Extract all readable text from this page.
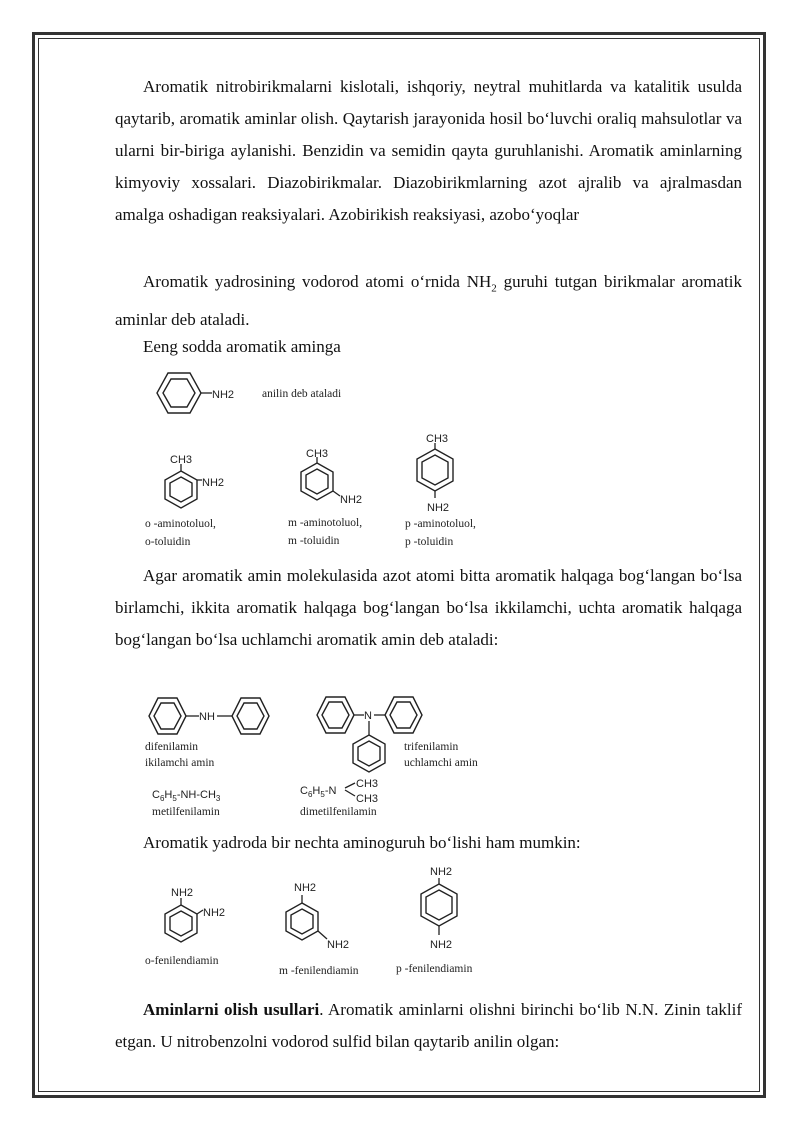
Aromatik nitrobirikmalarni kislotali, ishqoriy, neytral muhitlarda va katalitik usulda qaytarib, aromatik aminlar olish. Qaytarish jarayonida hosil bo‘luvchi oraliq mahsulotlar va ularni bir-biriga aylanishi. Benzidin va semidin qayta guruhlanishi. Aromatik aminlarning kimyoviy xossalari. Diazobirikmalar. Diazobirikmlarning azot ajralib va ajralmasdan amalga oshadigan reaksiyalari. Azobirikish reaksiyasi, azobo‘yoqlar

Aromatik yadrosining vodorod atomi o‘rnida $NH_2$ guruhi tutgan birikmalar aromatik aminlar deb ataladi.

Eeng sodda aromatik aminga

Agar aromatik amin molekulasida azot atomi bitta aromatik halqaga bog‘langan bo‘lsa birlamchi, ikkita aromatik halqaga bog‘langan bo‘lsa ikkilamchi, uchta aromatik halqaga bog‘langan bo‘lsa uchlamchi aromatik amin deb ataladi:

Aromatik yadroda bir nechta aminoguruh bo‘lishi ham mumkin:

Aminlarni olish usullari. Aromatik aminlarni olishni birinchi bo‘lib N.N. Zinin taklif etgan. U nitrobenzolni vodorod sulfid bilan qaytarib anilin olgan:

NH2 anilin deb ataladi
CH3
NH2
o -aminotoluol,
o-toluidin
CH3
NH2
m -aminotoluol,
m -toluidin
CH3
NH2
p -aminotoluol,
p -toluidin
NH
difenilamin
ikilamchi amin
N
trifenilamin
uchlamchi amin
$C_6H_5-NH-CH_3$
metilfenilamin
$C_6H_5-N$
CH3
CH3
dimetilfenilamin
NH2
NH2
o-fenilendiamin
NH2
NH2
m -fenilendiamin
NH2
NH2
p -fenilendiamin
